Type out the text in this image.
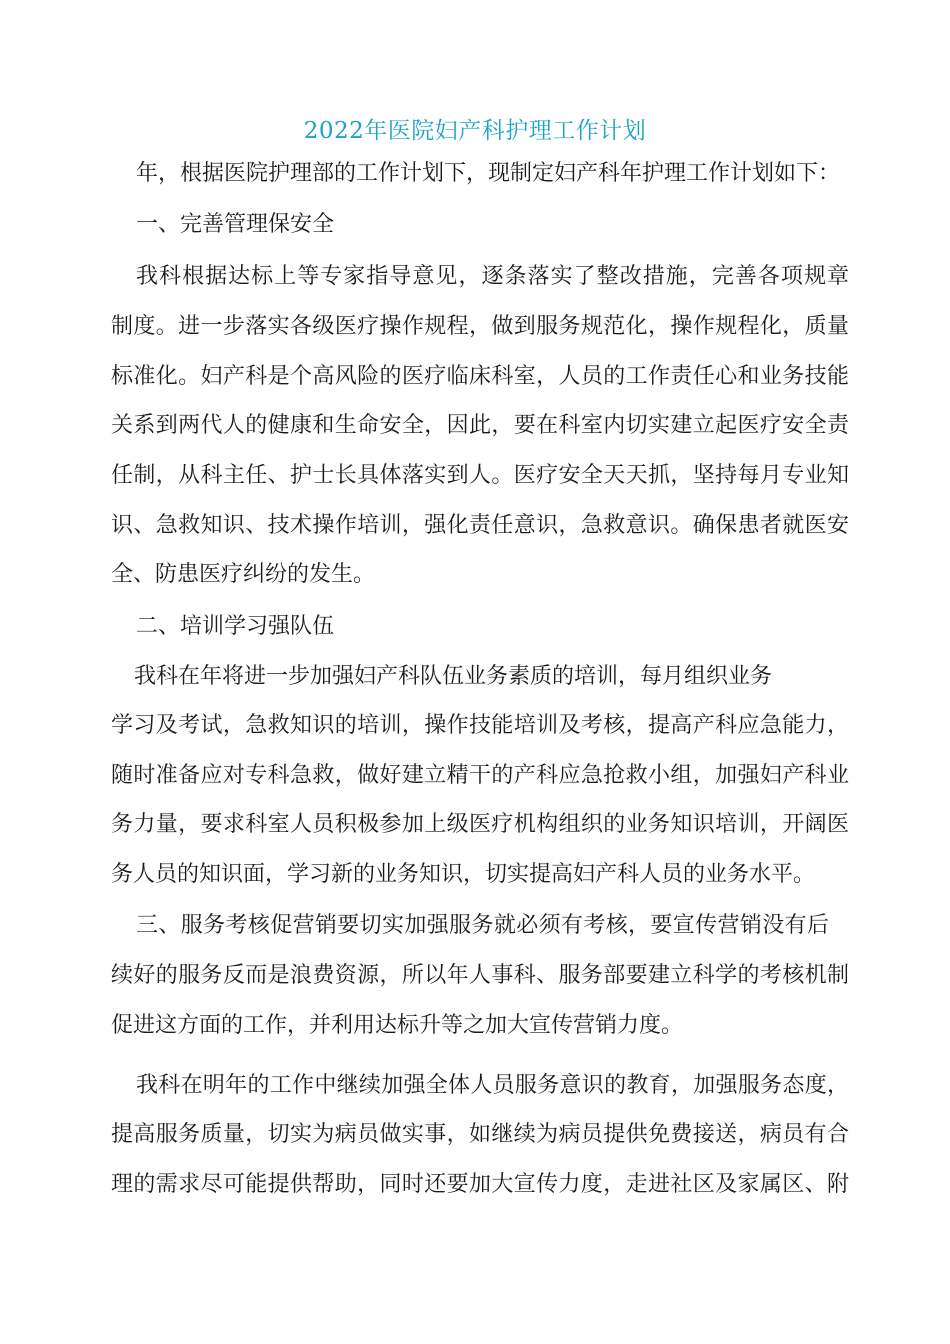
2022年医院妇产科护理工作计划
年，根据医院护理部的工作计划下，现制定妇产科年护理工作计划如下：
一、完善管理保安全
我科根据达标上等专家指导意见，逐条落实了整改措施，完善各项规章
制度。进一步落实各级医疗操作规程，做到服务规范化，操作规程化，质量
标准化。妇产科是个高风险的医疗临床科室，人员的工作责任心和业务技能
关系到两代人的健康和生命安全，因此，要在科室内切实建立起医疗安全责
任制，从科主任、护士长具体落实到人。医疗安全天天抓，坚持每月专业知
识、急救知识、技术操作培训，强化责任意识，急救意识。确保患者就医安
全、防患医疗纠纷的发生。
二、培训学习强队伍
我科在年将进一步加强妇产科队伍业务素质的培训，每月组织业务
学习及考试，急救知识的培训，操作技能培训及考核，提高产科应急能力，
随时准备应对专科急救，做好建立精干的产科应急抢救小组，加强妇产科业
务力量，要求科室人员积极参加上级医疗机构组织的业务知识培训，开阔医
务人员的知识面，学习新的业务知识，切实提高妇产科人员的业务水平。
三、服务考核促营销要切实加强服务就必须有考核，要宣传营销没有后
续好的服务反而是浪费资源，所以年人事科、服务部要建立科学的考核机制
促进这方面的工作，并利用达标升等之加大宣传营销力度。
我科在明年的工作中继续加强全体人员服务意识的教育，加强服务态度，
提高服务质量，切实为病员做实事，如继续为病员提供免费接送，病员有合
理的需求尽可能提供帮助，同时还要加大宣传力度，走进社区及家属区、附
